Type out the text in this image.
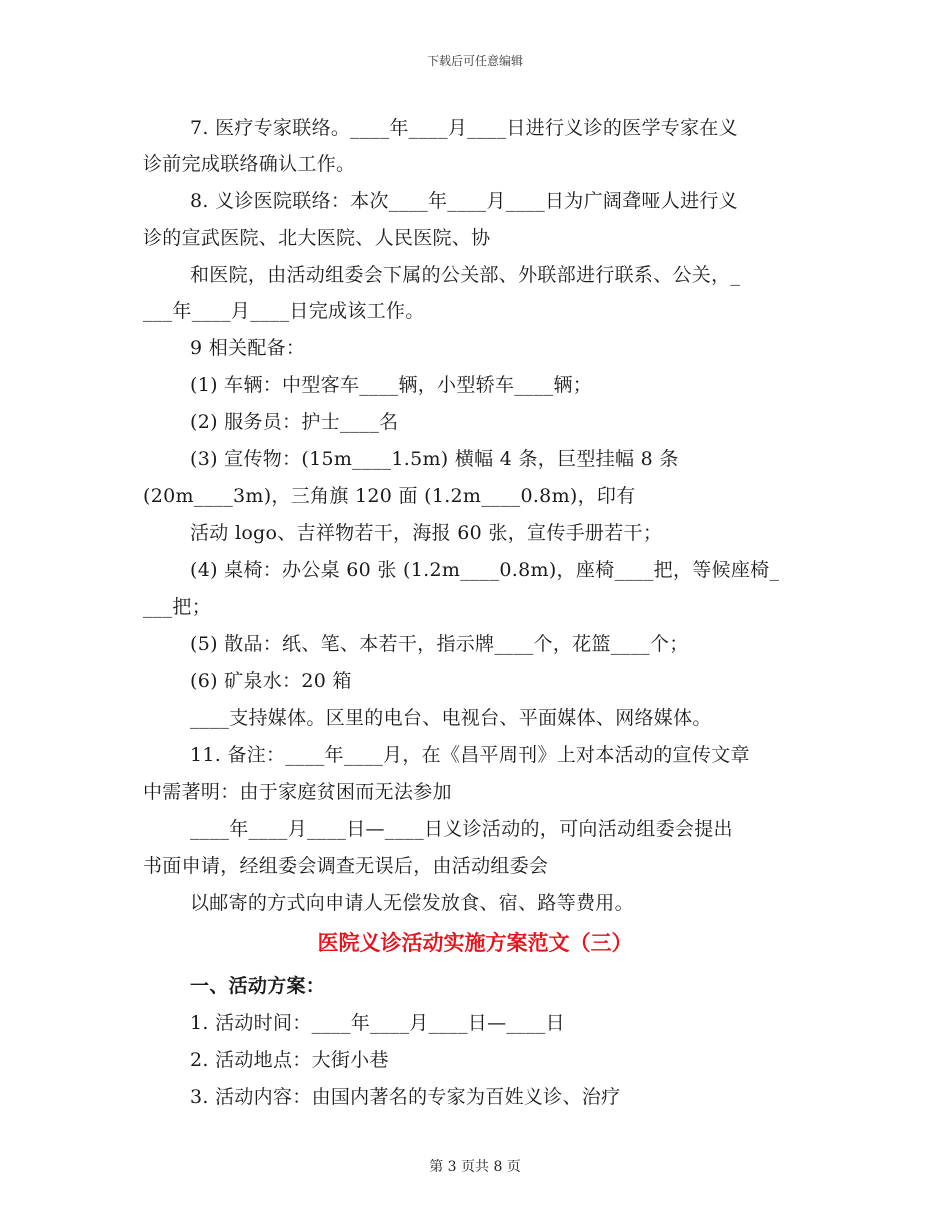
下载后可任意编辑
7. 医疗专家联络。____年____月____日进行义诊的医学专家在义
诊前完成联络确认工作。
8. 义诊医院联络：本次____年____月____日为广阔聋哑人进行义
诊的宣武医院、北大医院、人民医院、协
和医院，由活动组委会下属的公关部、外联部进行联系、公关，_
___年____月____日完成该工作。
9 相关配备：
(1) 车辆：中型客车____辆，小型轿车____辆；
(2) 服务员：护士____名
(3) 宣传物：(15m____1.5m) 横幅 4 条，巨型挂幅 8 条
(20m____3m)，三角旗 120 面 (1.2m____0.8m)，印有
活动 logo、吉祥物若干，海报 60 张，宣传手册若干；
(4) 桌椅：办公桌 60 张 (1.2m____0.8m)，座椅____把，等候座椅_
___把；
(5) 散品：纸、笔、本若干，指示牌____个，花篮____个；
(6) 矿泉水：20 箱
____支持媒体。区里的电台、电视台、平面媒体、网络媒体。
11. 备注：____年____月，在《昌平周刊》上对本活动的宣传文章
中需著明：由于家庭贫困而无法参加
____年____月____日—____日义诊活动的，可向活动组委会提出
书面申请，经组委会调查无误后，由活动组委会
以邮寄的方式向申请人无偿发放食、宿、路等费用。
医院义诊活动实施方案范文（三）
一、活动方案：
1. 活动时间：____年____月____日—____日
2. 活动地点：大街小巷
3. 活动内容：由国内著名的专家为百姓义诊、治疗
第 3 页共 8 页
